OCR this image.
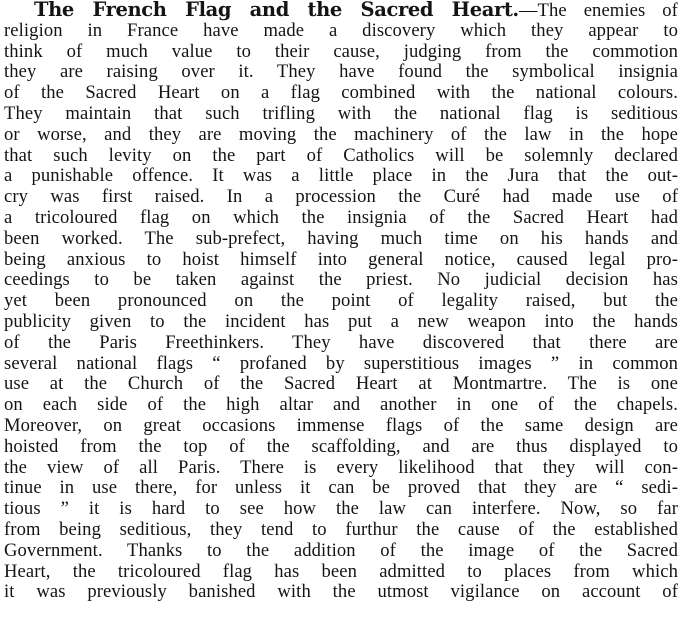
The French Flag and the Sacred Heart.—The enemies of
religion in France have made a discovery which they appear to
think of much value to their cause, judging from the commotion
they are raising over it. They have found the symbolical insignia
of the Sacred Heart on a flag combined with the national colours.
They maintain that such trifling with the national flag is seditious
or worse, and they are moving the machinery of the law in the hope
that such levity on the part of Catholics will be solemnly declared
a punishable offence. It was a little place in the Jura that the out-
cry was first raised. In a procession the Curé had made use of
a tricoloured flag on which the insignia of the Sacred Heart had
been worked. The sub-prefect, having much time on his hands and
being anxious to hoist himself into general notice, caused legal pro-
ceedings to be taken against the priest. No judicial decision has
yet been pronounced on the point of legality raised, but the
publicity given to the incident has put a new weapon into the hands
of the Paris Freethinkers. They have discovered that there are
several national flags “ profaned by superstitious images ” in common
use at the Church of the Sacred Heart at Montmartre. The is one
on each side of the high altar and another in one of the chapels.
Moreover, on great occasions immense flags of the same design are
hoisted from the top of the scaffolding, and are thus displayed to
the view of all Paris. There is every likelihood that they will con-
tinue in use there, for unless it can be proved that they are “ sedi-
tious ” it is hard to see how the law can interfere. Now, so far
from being seditious, they tend to furthur the cause of the established
Government. Thanks to the addition of the image of the Sacred
Heart, the tricoloured flag has been admitted to places from which
it was previously banished with the utmost vigilance on account of
